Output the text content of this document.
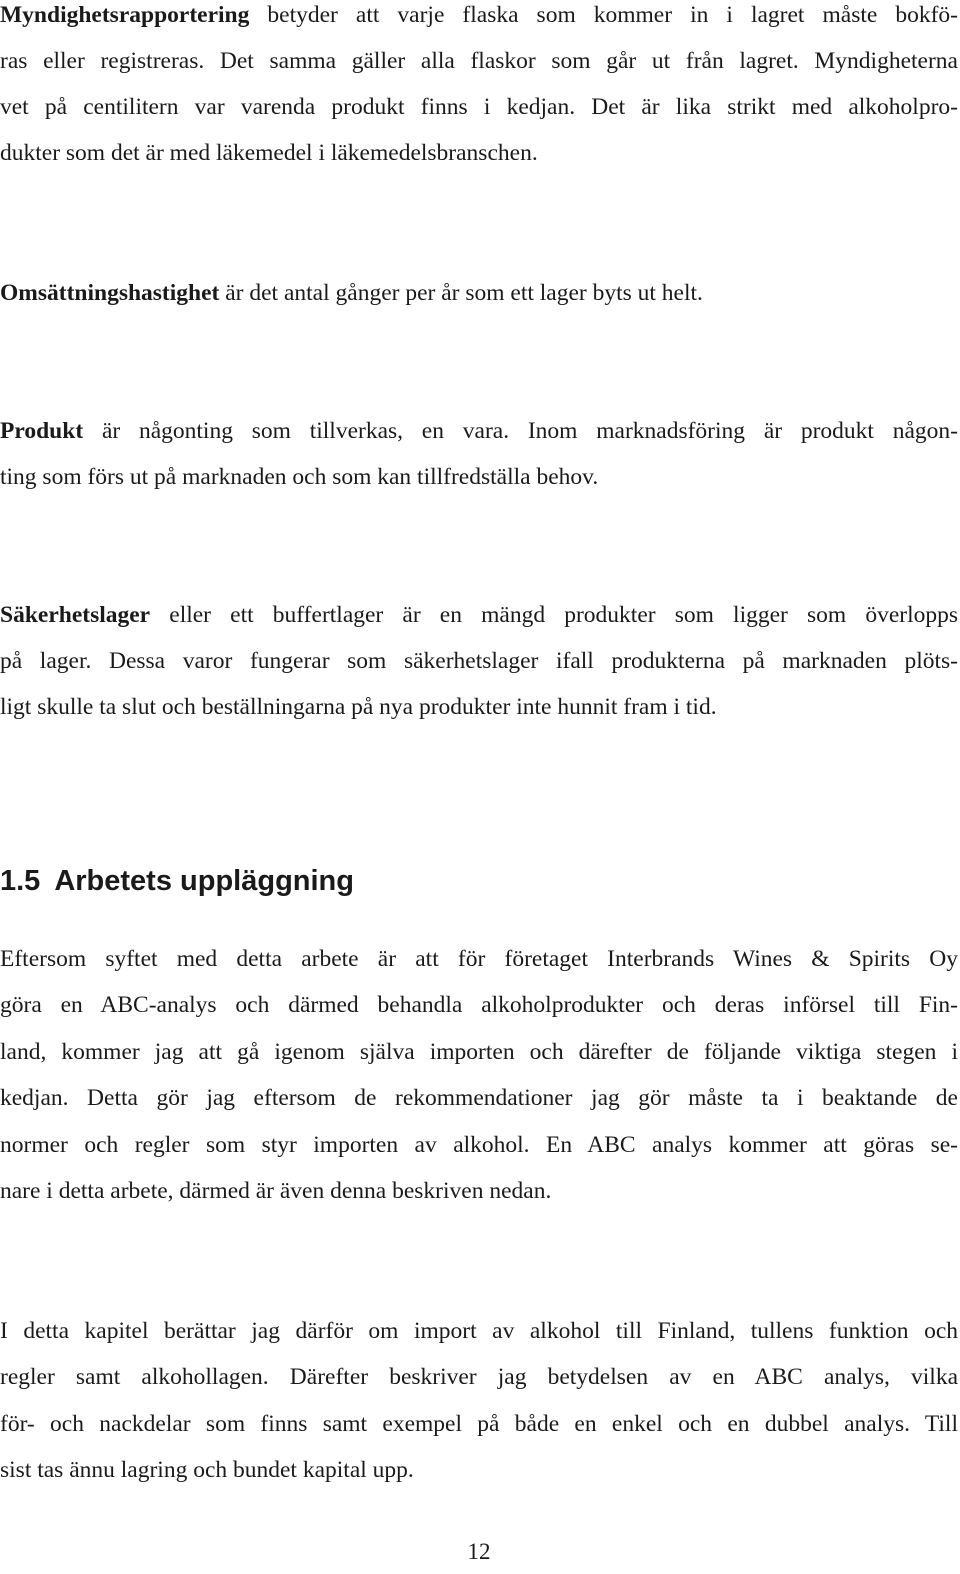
Myndighetsrapportering betyder att varje flaska som kommer in i lagret måste bokfö-
ras eller registreras. Det samma gäller alla flaskor som går ut från lagret. Myndigheterna
vet på centilitern var varenda produkt finns i kedjan. Det är lika strikt med alkoholpro-
dukter som det är med läkemedel i läkemedelsbranschen.

Omsättningshastighet är det antal gånger per år som ett lager byts ut helt.

Produkt är någonting som tillverkas, en vara. Inom marknadsföring är produkt någon-
ting som förs ut på marknaden och som kan tillfredställa behov.

Säkerhetslager eller ett buffertlager är en mängd produkter som ligger som överlopps
på lager. Dessa varor fungerar som säkerhetslager ifall produkterna på marknaden plöts-
ligt skulle ta slut och beställningarna på nya produkter inte hunnit fram i tid.

1.5 Arbetets uppläggning

Eftersom syftet med detta arbete är att för företaget Interbrands Wines & Spirits Oy
göra en ABC-analys och därmed behandla alkoholprodukter och deras införsel till Fin-
land, kommer jag att gå igenom själva importen och därefter de följande viktiga stegen i
kedjan. Detta gör jag eftersom de rekommendationer jag gör måste ta i beaktande de
normer och regler som styr importen av alkohol. En ABC analys kommer att göras se-
nare i detta arbete, därmed är även denna beskriven nedan.

I detta kapitel berättar jag därför om import av alkohol till Finland, tullens funktion och
regler samt alkohollagen. Därefter beskriver jag betydelsen av en ABC analys, vilka
för- och nackdelar som finns samt exempel på både en enkel och en dubbel analys. Till
sist tas ännu lagring och bundet kapital upp.

12
